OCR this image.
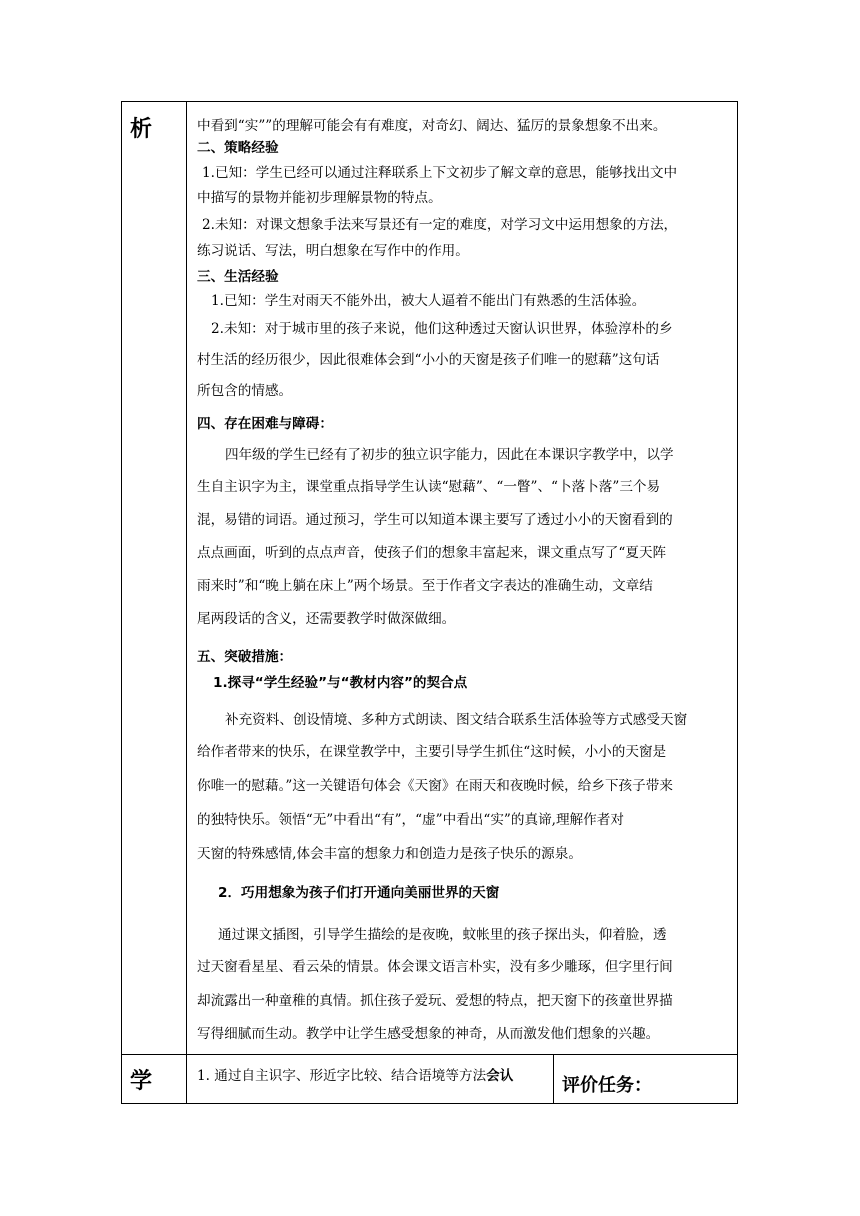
析
学
中看到“实””的理解可能会有有难度，对奇幻、阔达、猛厉的景象想象不出来。
二、策略经验
1.已知：学生已经可以通过注释联系上下文初步了解文章的意思，能够找出文中
中描写的景物并能初步理解景物的特点。
2.未知：对课文想象手法来写景还有一定的难度，对学习文中运用想象的方法，
练习说话、写法，明白想象在写作中的作用。
三、生活经验
1.已知：学生对雨天不能外出，被大人逼着不能出门有熟悉的生活体验。
2.未知：对于城市里的孩子来说，他们这种透过天窗认识世界，体验淳朴的乡
村生活的经历很少，因此很难体会到“小小的天窗是孩子们唯一的慰藉”这句话
所包含的情感。
四、存在困难与障碍：
四年级的学生已经有了初步的独立识字能力，因此在本课识字教学中，以学
生自主识字为主，课堂重点指导学生认读“慰藉”、“一瞥”、“卜落卜落”三个易
混，易错的词语。通过预习，学生可以知道本课主要写了透过小小的天窗看到的
点点画面，听到的点点声音，使孩子们的想象丰富起来，课文重点写了“夏天阵
雨来时”和“晚上躺在床上”两个场景。至于作者文字表达的准确生动，文章结
尾两段话的含义，还需要教学时做深做细。
五、突破措施：
1.探寻“学生经验”与“教材内容”的契合点
补充资料、创设情境、多种方式朗读、图文结合联系生活体验等方式感受天窗
给作者带来的快乐，在课堂教学中，主要引导学生抓住“这时候，小小的天窗是
你唯一的慰藉。”这一关键语句体会《天窗》在雨天和夜晚时候，给乡下孩子带来
的独特快乐。领悟“无”中看出“有”，“虚”中看出“实”的真谛,理解作者对
天窗的特殊感情,体会丰富的想象力和创造力是孩子快乐的源泉。
2．巧用想象为孩子们打开通向美丽世界的天窗
通过课文插图，引导学生描绘的是夜晚，蚊帐里的孩子探出头，仰着脸，透
过天窗看星星、看云朵的情景。体会课文语言朴实，没有多少雕琢，但字里行间
却流露出一种童稚的真情。抓住孩子爱玩、爱想的特点，把天窗下的孩童世界描
写得细腻而生动。教学中让学生感受想象的神奇，从而激发他们想象的兴趣。
1. 通过自主识字、形近字比较、结合语境等方法会认	评价任务：
